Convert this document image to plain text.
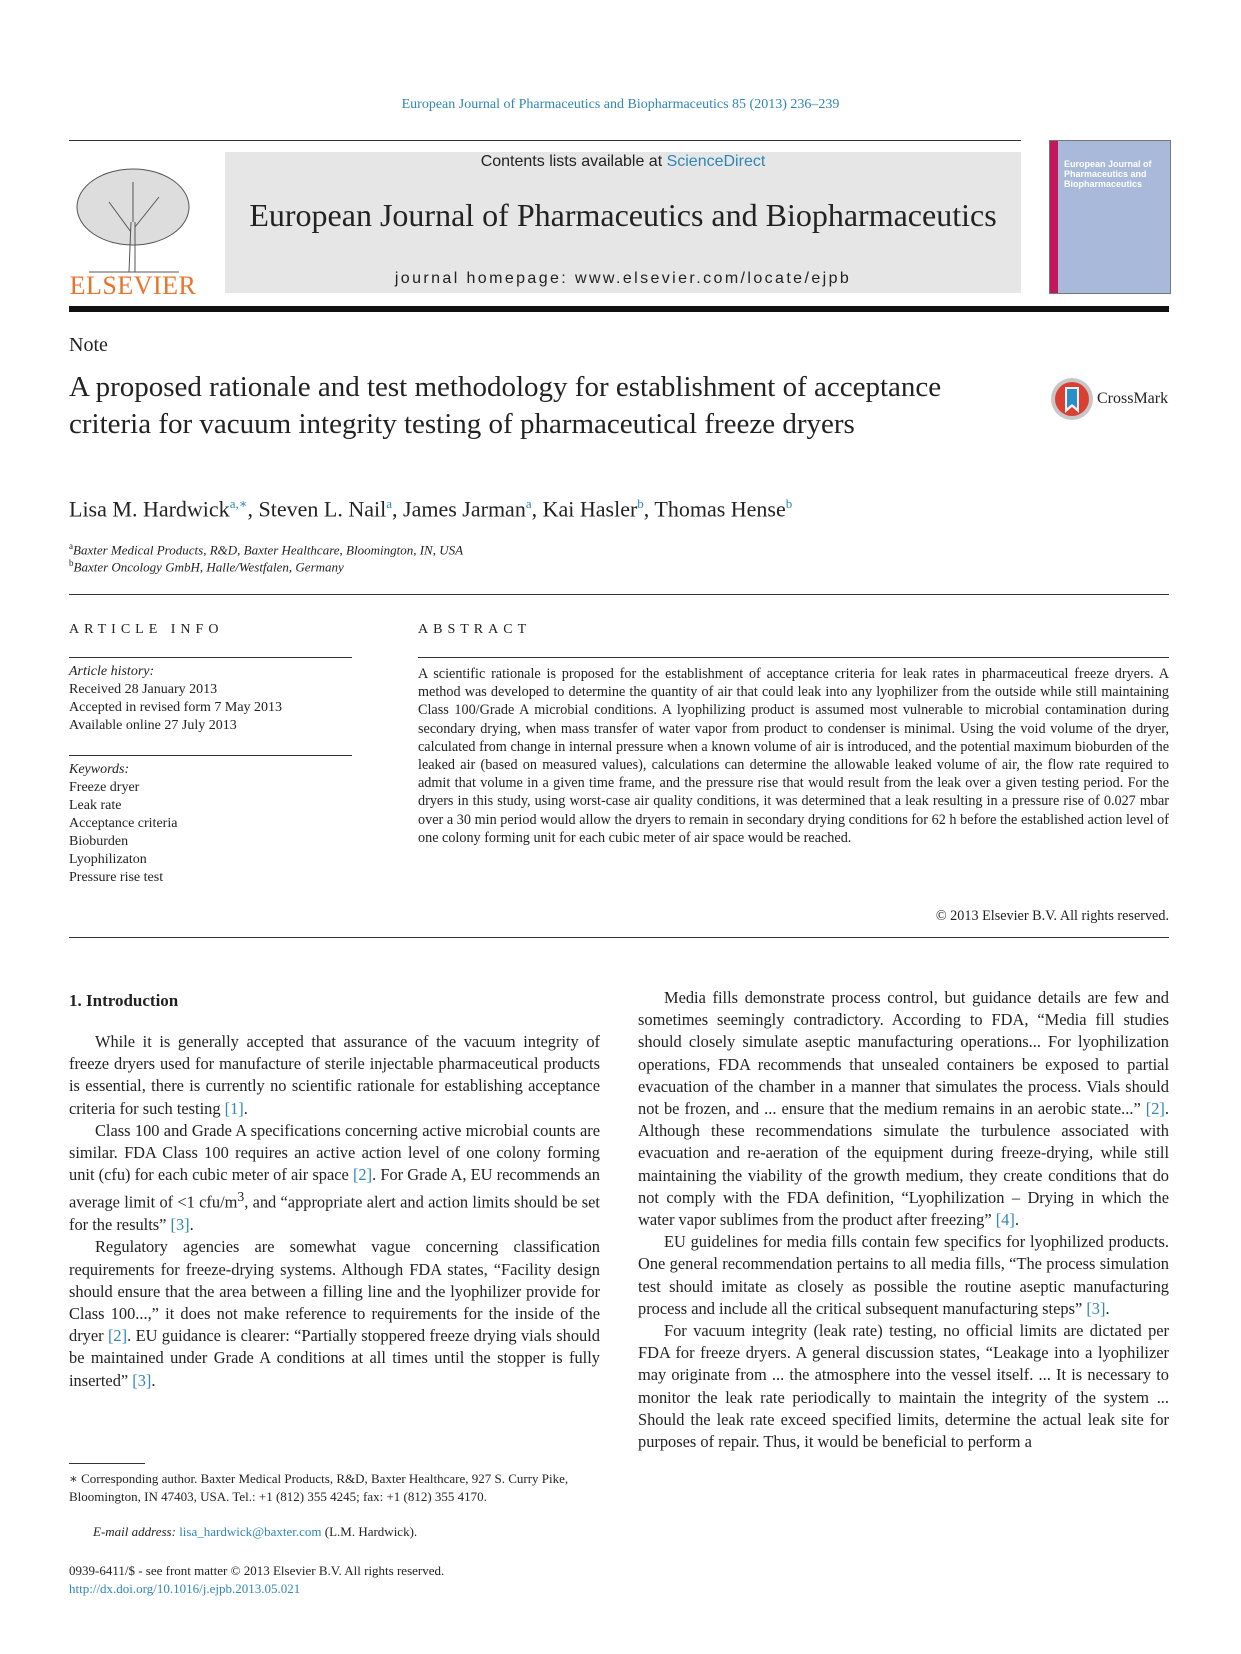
European Journal of Pharmaceutics and Biopharmaceutics 85 (2013) 236–239
ELSEVIER
Contents lists available at ScienceDirect
European Journal of Pharmaceutics and Biopharmaceutics
journal homepage: www.elsevier.com/locate/ejpb
European Journal of Pharmaceutics and Biopharmaceutics
Note
A proposed rationale and test methodology for establishment of acceptance criteria for vacuum integrity testing of pharmaceutical freeze dryers
CrossMark
Lisa M. Hardwick$^{a,∗}$, Steven L. Nail$^a$, James Jarman$^a$, Kai Hasler$^b$, Thomas Hense$^b$
$^a$Baxter Medical Products, R&D, Baxter Healthcare, Bloomington, IN, USA
$^b$Baxter Oncology GmbH, Halle/Westfalen, Germany
ARTICLE INFO
Article history:
Received 28 January 2013
Accepted in revised form 7 May 2013
Available online 27 July 2013
Keywords:
Freeze dryer
Leak rate
Acceptance criteria
Bioburden
Lyophilizaton
Pressure rise test
ABSTRACT
A scientific rationale is proposed for the establishment of acceptance criteria for leak rates in pharmaceutical freeze dryers. A method was developed to determine the quantity of air that could leak into any lyophilizer from the outside while still maintaining Class 100/Grade A microbial conditions. A lyophilizing product is assumed most vulnerable to microbial contamination during secondary drying, when mass transfer of water vapor from product to condenser is minimal. Using the void volume of the dryer, calculated from change in internal pressure when a known volume of air is introduced, and the potential maximum bioburden of the leaked air (based on measured values), calculations can determine the allowable leaked volume of air, the flow rate required to admit that volume in a given time frame, and the pressure rise that would result from the leak over a given testing period. For the dryers in this study, using worst-case air quality conditions, it was determined that a leak resulting in a pressure rise of 0.027 mbar over a 30 min period would allow the dryers to remain in secondary drying conditions for 62 h before the established action level of one colony forming unit for each cubic meter of air space would be reached.
© 2013 Elsevier B.V. All rights reserved.
1. Introduction

While it is generally accepted that assurance of the vacuum integrity of freeze dryers used for manufacture of sterile injectable pharmaceutical products is essential, there is currently no scientific rationale for establishing acceptance criteria for such testing [1].

Class 100 and Grade A specifications concerning active microbial counts are similar. FDA Class 100 requires an active action level of one colony forming unit (cfu) for each cubic meter of air space [2]. For Grade A, EU recommends an average limit of <1 cfu/$m^3$, and “appropriate alert and action limits should be set for the results” [3].

Regulatory agencies are somewhat vague concerning classification requirements for freeze-drying systems. Although FDA states, “Facility design should ensure that the area between a filling line and the lyophilizer provide for Class 100...,” it does not make reference to requirements for the inside of the dryer [2]. EU guidance is clearer: “Partially stoppered freeze drying vials should be maintained under Grade A conditions at all times until the stopper is fully inserted” [3].

Media fills demonstrate process control, but guidance details are few and sometimes seemingly contradictory. According to FDA, “Media fill studies should closely simulate aseptic manufacturing operations... For lyophilization operations, FDA recommends that unsealed containers be exposed to partial evacuation of the chamber in a manner that simulates the process. Vials should not be frozen, and ... ensure that the medium remains in an aerobic state...” [2]. Although these recommendations simulate the turbulence associated with evacuation and re-aeration of the equipment during freeze-drying, while still maintaining the viability of the growth medium, they create conditions that do not comply with the FDA definition, “Lyophilization – Drying in which the water vapor sublimes from the product after freezing” [4].

EU guidelines for media fills contain few specifics for lyophilized products. One general recommendation pertains to all media fills, “The process simulation test should imitate as closely as possible the routine aseptic manufacturing process and include all the critical subsequent manufacturing steps” [3].

For vacuum integrity (leak rate) testing, no official limits are dictated per FDA for freeze dryers. A general discussion states, “Leakage into a lyophilizer may originate from ... the atmosphere into the vessel itself. ... It is necessary to monitor the leak rate periodically to maintain the integrity of the system ... Should the leak rate exceed specified limits, determine the actual leak site for purposes of repair. Thus, it would be beneficial to perform a

∗ Corresponding author. Baxter Medical Products, R&D, Baxter Healthcare, 927 S. Curry Pike, Bloomington, IN 47403, USA. Tel.: +1 (812) 355 4245; fax: +1 (812) 355 4170.
E-mail address: lisa_hardwick@baxter.com (L.M. Hardwick).
0939-6411/$ - see front matter © 2013 Elsevier B.V. All rights reserved.
http://dx.doi.org/10.1016/j.ejpb.2013.05.021
